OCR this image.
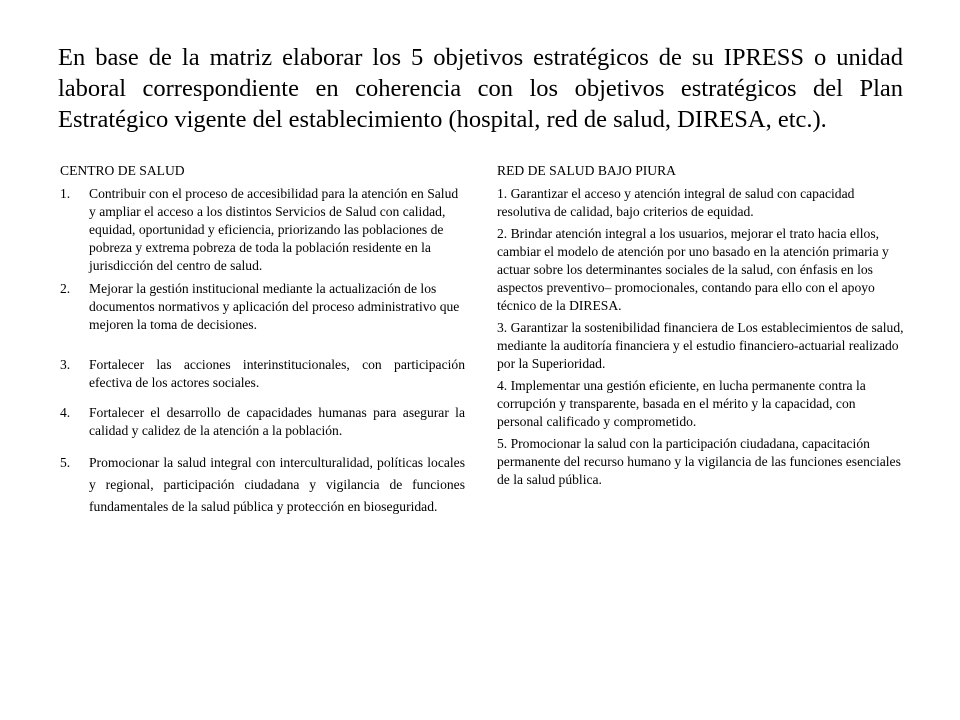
En base de la matriz elaborar los 5 objetivos estratégicos de su IPRESS o unidad laboral correspondiente en coherencia con los objetivos estratégicos del Plan Estratégico vigente del establecimiento (hospital, red de salud, DIRESA, etc.).
CENTRO DE SALUD
1. Contribuir con el proceso de accesibilidad para la atención en Salud y ampliar el acceso a los distintos Servicios de Salud con calidad, equidad, oportunidad y eficiencia, priorizando las poblaciones de pobreza y extrema pobreza de toda la población residente en la jurisdicción del centro de salud.
2. Mejorar la gestión institucional mediante la actualización de los documentos normativos y aplicación del proceso administrativo que mejoren la toma de decisiones.
3. Fortalecer las acciones interinstitucionales, con participación efectiva de los actores sociales.
4. Fortalecer el desarrollo de capacidades humanas para asegurar la calidad y calidez de la atención a la población.
5. Promocionar la salud integral con interculturalidad, políticas locales y regional, participación ciudadana y vigilancia de funciones fundamentales de la salud pública y protección en bioseguridad.
RED DE SALUD BAJO PIURA

1. Garantizar el acceso y atención integral de salud con capacidad resolutiva de calidad, bajo criterios de equidad.

2. Brindar atención integral a los usuarios, mejorar el trato hacia ellos, cambiar el modelo de atención por uno basado en la atención primaria y actuar sobre los determinantes sociales de la salud, con énfasis en los aspectos preventivo– promocionales, contando para ello con el apoyo técnico de la DIRESA.

3. Garantizar la sostenibilidad financiera de Los establecimientos de salud, mediante la auditoría financiera y el estudio financiero-actuarial realizado por la Superioridad.

4. Implementar una gestión eficiente, en lucha permanente contra la corrupción y transparente, basada en el mérito y la capacidad, con personal calificado y comprometido.

5. Promocionar la salud con la participación ciudadana, capacitación permanente del recurso humano y la vigilancia de las funciones esenciales de la salud pública.
